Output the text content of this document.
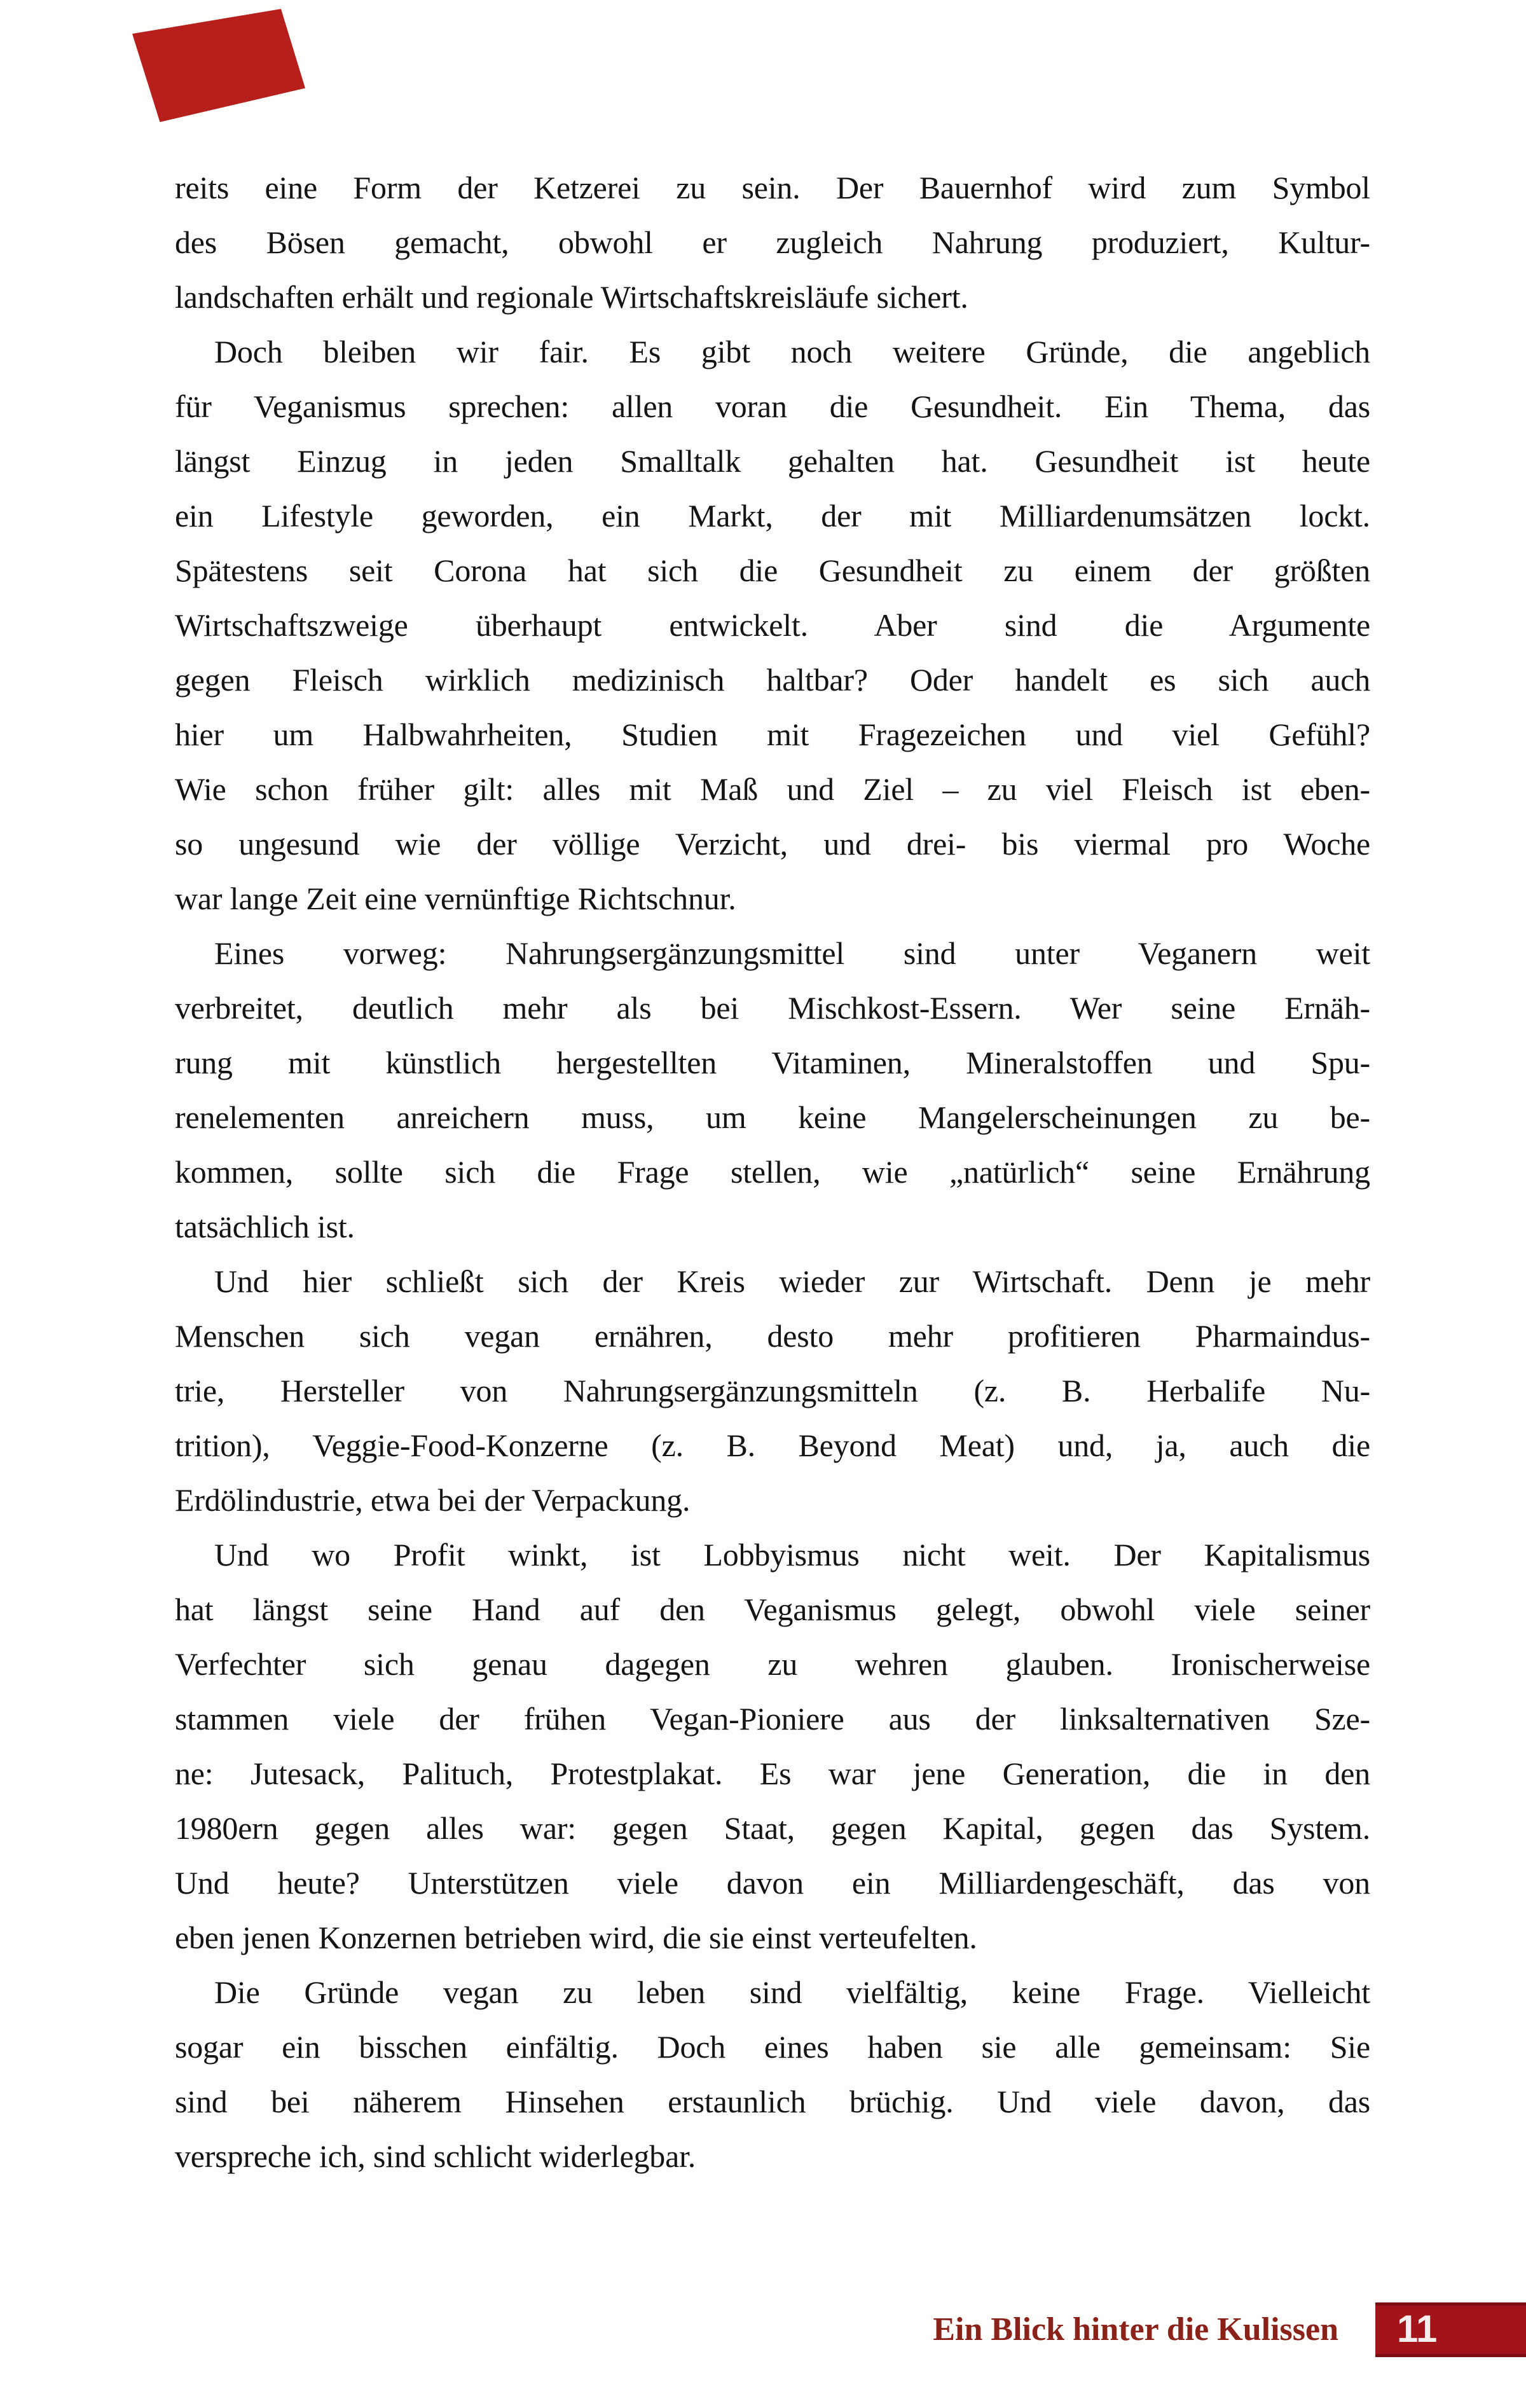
reits eine Form der Ketzerei zu sein. Der Bauernhof wird zum Symbol
des Bösen gemacht, obwohl er zugleich Nahrung produziert, Kultur-
landschaften erhält und regionale Wirtschaftskreisläufe sichert.
Doch bleiben wir fair. Es gibt noch weitere Gründe, die angeblich
für Veganismus sprechen: allen voran die Gesundheit. Ein Thema, das
längst Einzug in jeden Smalltalk gehalten hat. Gesundheit ist heute
ein Lifestyle geworden, ein Markt, der mit Milliardenumsätzen lockt.
Spätestens seit Corona hat sich die Gesundheit zu einem der größten
Wirtschaftszweige überhaupt entwickelt. Aber sind die Argumente
gegen Fleisch wirklich medizinisch haltbar? Oder handelt es sich auch
hier um Halbwahrheiten, Studien mit Fragezeichen und viel Gefühl?
Wie schon früher gilt: alles mit Maß und Ziel – zu viel Fleisch ist eben-
so ungesund wie der völlige Verzicht, und drei- bis viermal pro Woche
war lange Zeit eine vernünftige Richtschnur.
Eines vorweg: Nahrungsergänzungsmittel sind unter Veganern weit
verbreitet, deutlich mehr als bei Mischkost-Essern. Wer seine Ernäh-
rung mit künstlich hergestellten Vitaminen, Mineralstoffen und Spu-
renelementen anreichern muss, um keine Mangelerscheinungen zu be-
kommen, sollte sich die Frage stellen, wie „natürlich“ seine Ernährung
tatsächlich ist.
Und hier schließt sich der Kreis wieder zur Wirtschaft. Denn je mehr
Menschen sich vegan ernähren, desto mehr profitieren Pharmaindus-
trie, Hersteller von Nahrungsergänzungsmitteln (z. B. Herbalife Nu-
trition), Veggie-Food-Konzerne (z. B. Beyond Meat) und, ja, auch die
Erdölindustrie, etwa bei der Verpackung.
Und wo Profit winkt, ist Lobbyismus nicht weit. Der Kapitalismus
hat längst seine Hand auf den Veganismus gelegt, obwohl viele seiner
Verfechter sich genau dagegen zu wehren glauben. Ironischerweise
stammen viele der frühen Vegan-Pioniere aus der linksalternativen Sze-
ne: Jutesack, Palituch, Protestplakat. Es war jene Generation, die in den
1980ern gegen alles war: gegen Staat, gegen Kapital, gegen das System.
Und heute? Unterstützen viele davon ein Milliardengeschäft, das von
eben jenen Konzernen betrieben wird, die sie einst verteufelten.
Die Gründe vegan zu leben sind vielfältig, keine Frage. Vielleicht
sogar ein bisschen einfältig. Doch eines haben sie alle gemeinsam: Sie
sind bei näherem Hinsehen erstaunlich brüchig. Und viele davon, das
verspreche ich, sind schlicht widerlegbar.
Ein Blick hinter die Kulissen	11
